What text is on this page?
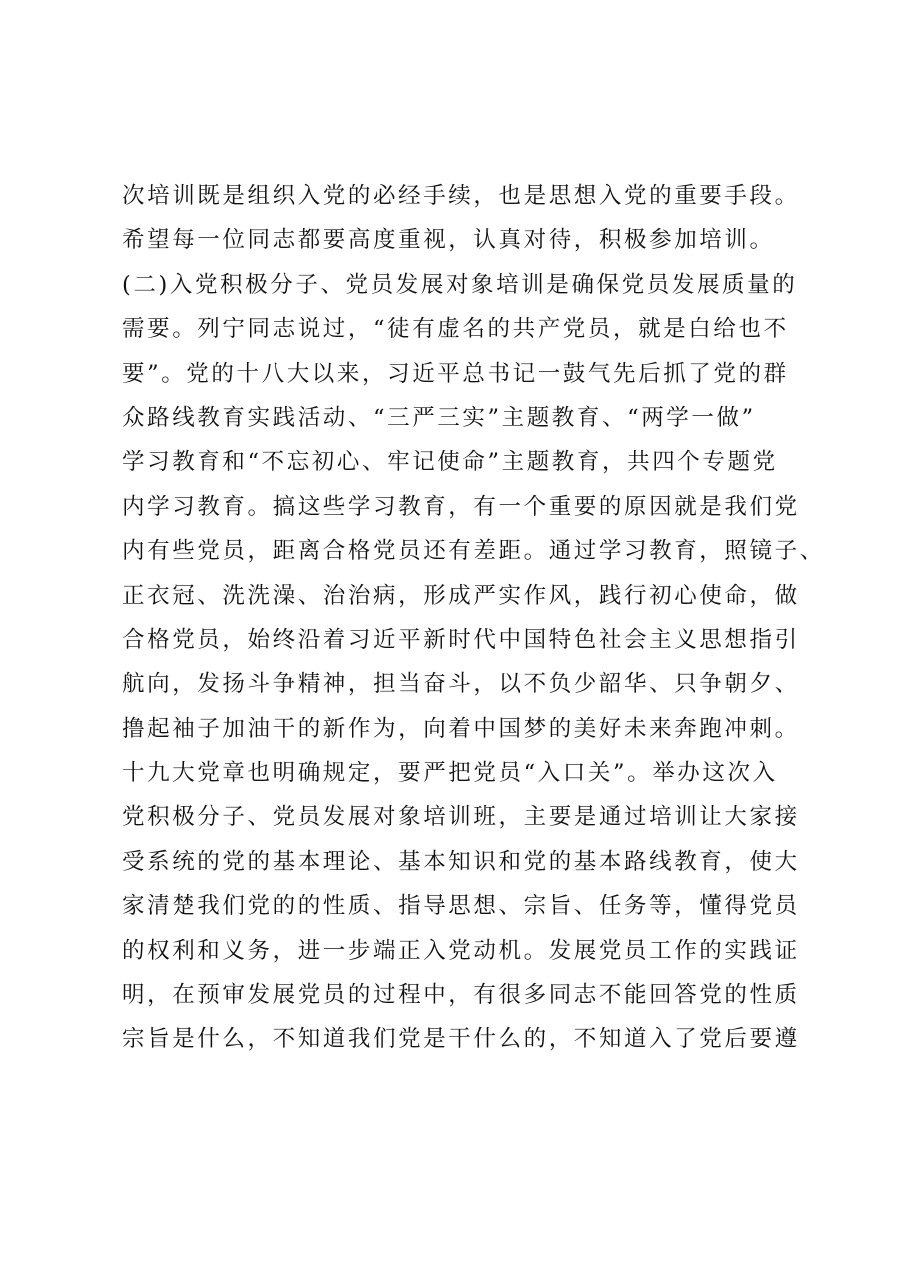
次培训既是组织入党的必经手续，也是思想入党的重要手段。
希望每一位同志都要高度重视，认真对待，积极参加培训。
(二)入党积极分子、党员发展对象培训是确保党员发展质量的
需要。列宁同志说过，“徒有虚名的共产党员，就是白给也不
要”。党的十八大以来，习近平总书记一鼓气先后抓了党的群
众路线教育实践活动、“三严三实”主题教育、“两学一做”
学习教育和“不忘初心、牢记使命”主题教育，共四个专题党
内学习教育。搞这些学习教育，有一个重要的原因就是我们党
内有些党员，距离合格党员还有差距。通过学习教育，照镜子、
正衣冠、洗洗澡、治治病，形成严实作风，践行初心使命，做
合格党员，始终沿着习近平新时代中国特色社会主义思想指引
航向，发扬斗争精神，担当奋斗，以不负少韶华、只争朝夕、
撸起袖子加油干的新作为，向着中国梦的美好未来奔跑冲刺。
十九大党章也明确规定，要严把党员“入口关”。举办这次入
党积极分子、党员发展对象培训班，主要是通过培训让大家接
受系统的党的基本理论、基本知识和党的基本路线教育，使大
家清楚我们党的的性质、指导思想、宗旨、任务等，懂得党员
的权利和义务，进一步端正入党动机。发展党员工作的实践证
明，在预审发展党员的过程中，有很多同志不能回答党的性质
宗旨是什么，不知道我们党是干什么的，不知道入了党后要遵
